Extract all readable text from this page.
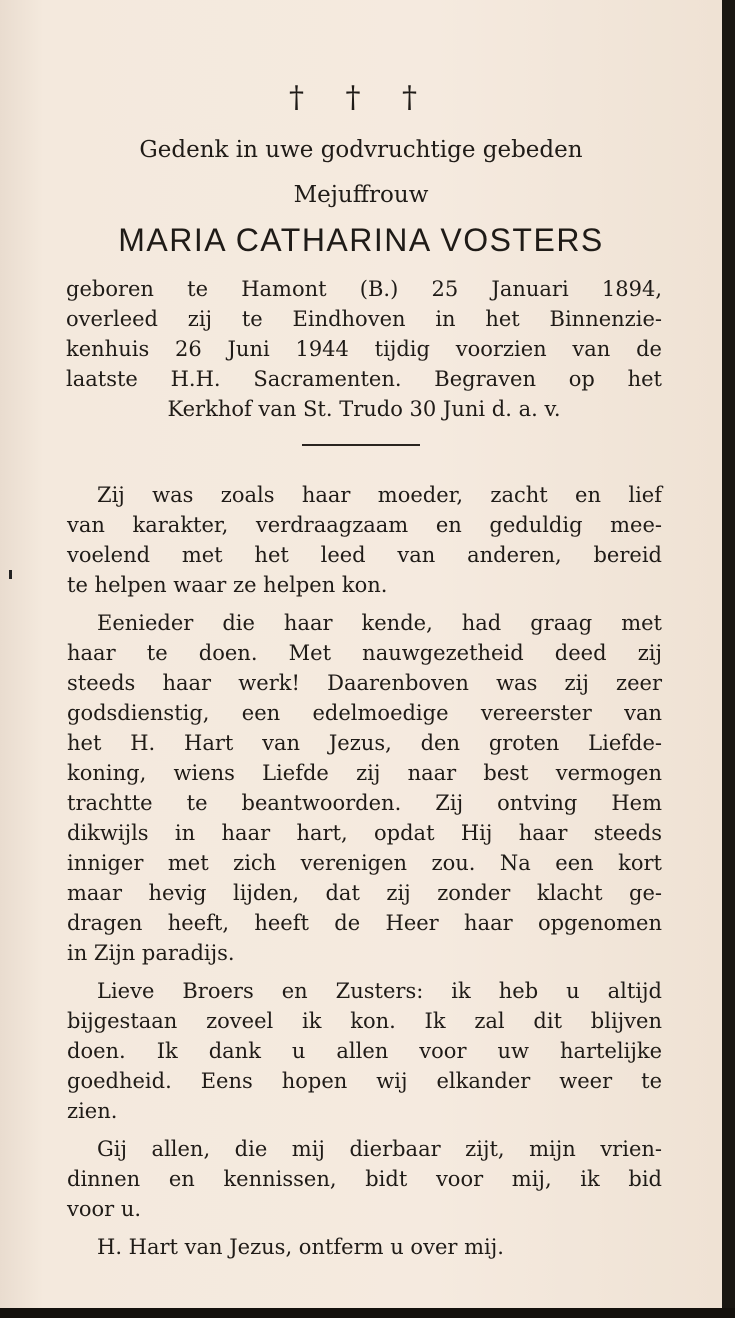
† † †
Gedenk in uwe godvruchtige gebeden
Mejuffrouw
MARIA CATHARINA VOSTERS
geboren te Hamont (B.) 25 Januari 1894,
overleed zij te Eindhoven in het Binnenzie-
kenhuis 26 Juni 1944 tijdig voorzien van de
laatste H.H. Sacramenten. Begraven op het
Kerkhof van St. Trudo 30 Juni d. a. v.
Zij was zoals haar moeder, zacht en lief
van karakter, verdraagzaam en geduldig mee-
voelend met het leed van anderen, bereid
te helpen waar ze helpen kon.
Eenieder die haar kende, had graag met
haar te doen. Met nauwgezetheid deed zij
steeds haar werk! Daarenboven was zij zeer
godsdienstig, een edelmoedige vereerster van
het H. Hart van Jezus, den groten Liefde-
koning, wiens Liefde zij naar best vermogen
trachtte te beantwoorden. Zij ontving Hem
dikwijls in haar hart, opdat Hij haar steeds
inniger met zich verenigen zou. Na een kort
maar hevig lijden, dat zij zonder klacht ge-
dragen heeft, heeft de Heer haar opgenomen
in Zijn paradijs.
Lieve Broers en Zusters: ik heb u altijd
bijgestaan zoveel ik kon. Ik zal dit blijven
doen. Ik dank u allen voor uw hartelijke
goedheid. Eens hopen wij elkander weer te
zien.
Gij allen, die mij dierbaar zijt, mijn vrien-
dinnen en kennissen, bidt voor mij, ik bid
voor u.
H. Hart van Jezus, ontferm u over mij.
